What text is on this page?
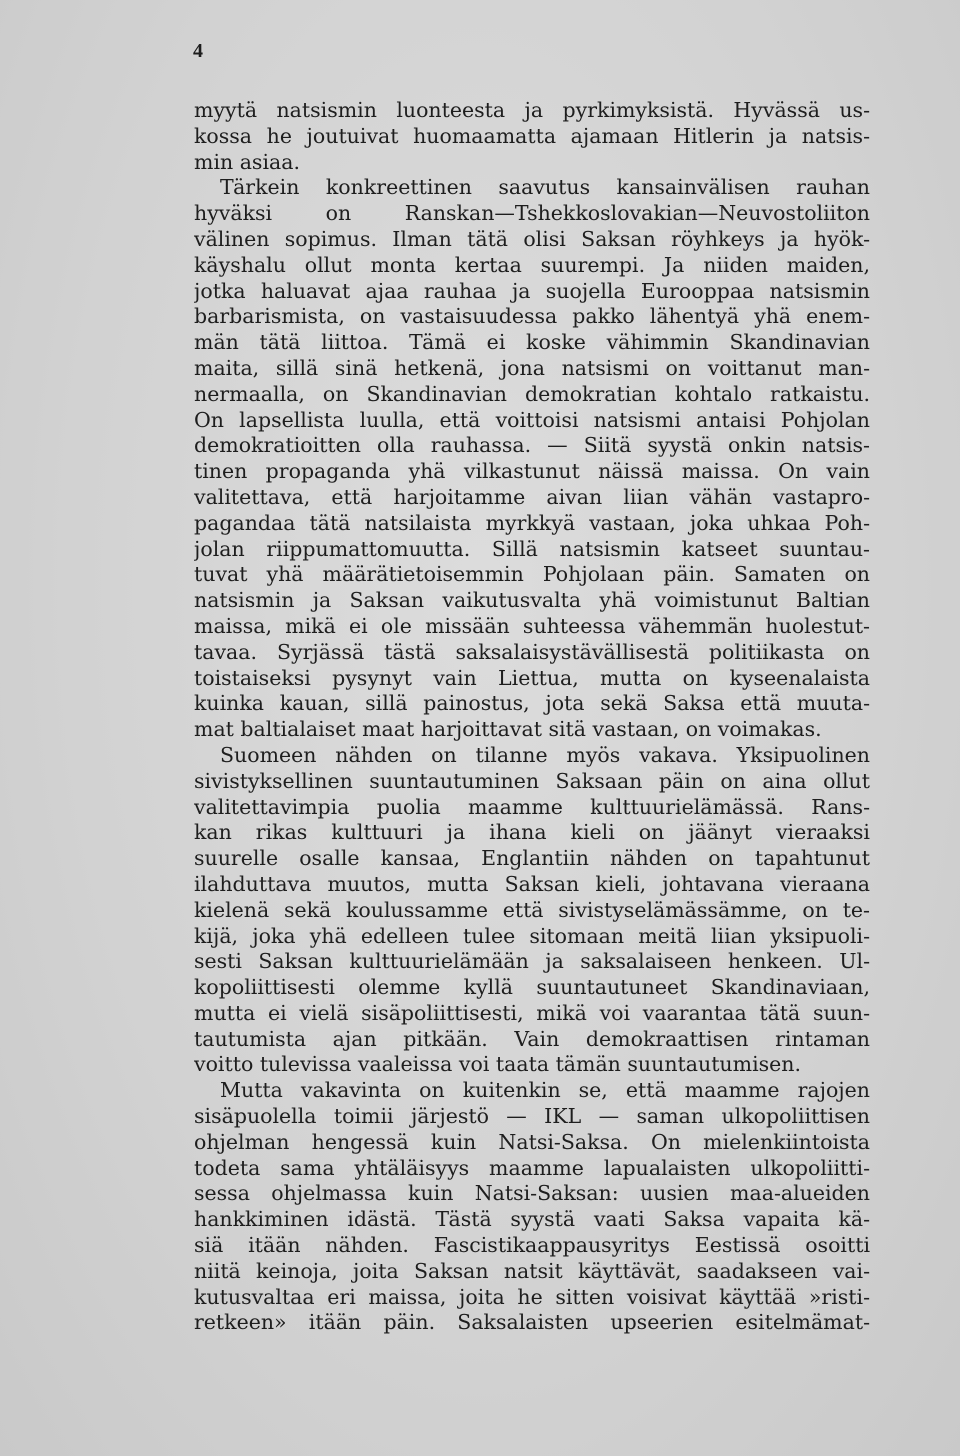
4
myytä natsismin luonteesta ja pyrkimyksistä. Hyvässä us-
kossa he joutuivat huomaamatta ajamaan Hitlerin ja natsis-
min asiaa.
Tärkein konkreettinen saavutus kansainvälisen rauhan
hyväksi on Ranskan—Tshekkoslovakian—Neuvostoliiton
välinen sopimus. Ilman tätä olisi Saksan röyhkeys ja hyök-
käyshalu ollut monta kertaa suurempi. Ja niiden maiden,
jotka haluavat ajaa rauhaa ja suojella Eurooppaa natsismin
barbarismista, on vastaisuudessa pakko lähentyä yhä enem-
män tätä liittoa. Tämä ei koske vähimmin Skandinavian
maita, sillä sinä hetkenä, jona natsismi on voittanut man-
nermaalla, on Skandinavian demokratian kohtalo ratkaistu.
On lapsellista luulla, että voittoisi natsismi antaisi Pohjolan
demokratioitten olla rauhassa. — Siitä syystä onkin natsis-
tinen propaganda yhä vilkastunut näissä maissa. On vain
valitettava, että harjoitamme aivan liian vähän vastapro-
pagandaa tätä natsilaista myrkkyä vastaan, joka uhkaa Poh-
jolan riippumattomuutta. Sillä natsismin katseet suuntau-
tuvat yhä määrätietoisemmin Pohjolaan päin. Samaten on
natsismin ja Saksan vaikutusvalta yhä voimistunut Baltian
maissa, mikä ei ole missään suhteessa vähemmän huolestut-
tavaa. Syrjässä tästä saksalaisystävällisestä politiikasta on
toistaiseksi pysynyt vain Liettua, mutta on kyseenalaista
kuinka kauan, sillä painostus, jota sekä Saksa että muuta-
mat baltialaiset maat harjoittavat sitä vastaan, on voimakas.
Suomeen nähden on tilanne myös vakava. Yksipuolinen
sivistyksellinen suuntautuminen Saksaan päin on aina ollut
valitettavimpia puolia maamme kulttuurielämässä. Rans-
kan rikas kulttuuri ja ihana kieli on jäänyt vieraaksi
suurelle osalle kansaa, Englantiin nähden on tapahtunut
ilahduttava muutos, mutta Saksan kieli, johtavana vieraana
kielenä sekä koulussamme että sivistyselämässämme, on te-
kijä, joka yhä edelleen tulee sitomaan meitä liian yksipuoli-
sesti Saksan kulttuurielämään ja saksalaiseen henkeen. Ul-
kopoliittisesti olemme kyllä suuntautuneet Skandinaviaan,
mutta ei vielä sisäpoliittisesti, mikä voi vaarantaa tätä suun-
tautumista ajan pitkään. Vain demokraattisen rintaman
voitto tulevissa vaaleissa voi taata tämän suuntautumisen.
Mutta vakavinta on kuitenkin se, että maamme rajojen
sisäpuolella toimii järjestö — IKL — saman ulkopoliittisen
ohjelman hengessä kuin Natsi-Saksa. On mielenkiintoista
todeta sama yhtäläisyys maamme lapualaisten ulkopoliitti-
sessa ohjelmassa kuin Natsi-Saksan: uusien maa-alueiden
hankkiminen idästä. Tästä syystä vaati Saksa vapaita kä-
siä itään nähden. Fascistikaappausyritys Eestissä osoitti
niitä keinoja, joita Saksan natsit käyttävät, saadakseen vai-
kutusvaltaa eri maissa, joita he sitten voisivat käyttää »risti-
retkeen» itään päin. Saksalaisten upseerien esitelmämat-
